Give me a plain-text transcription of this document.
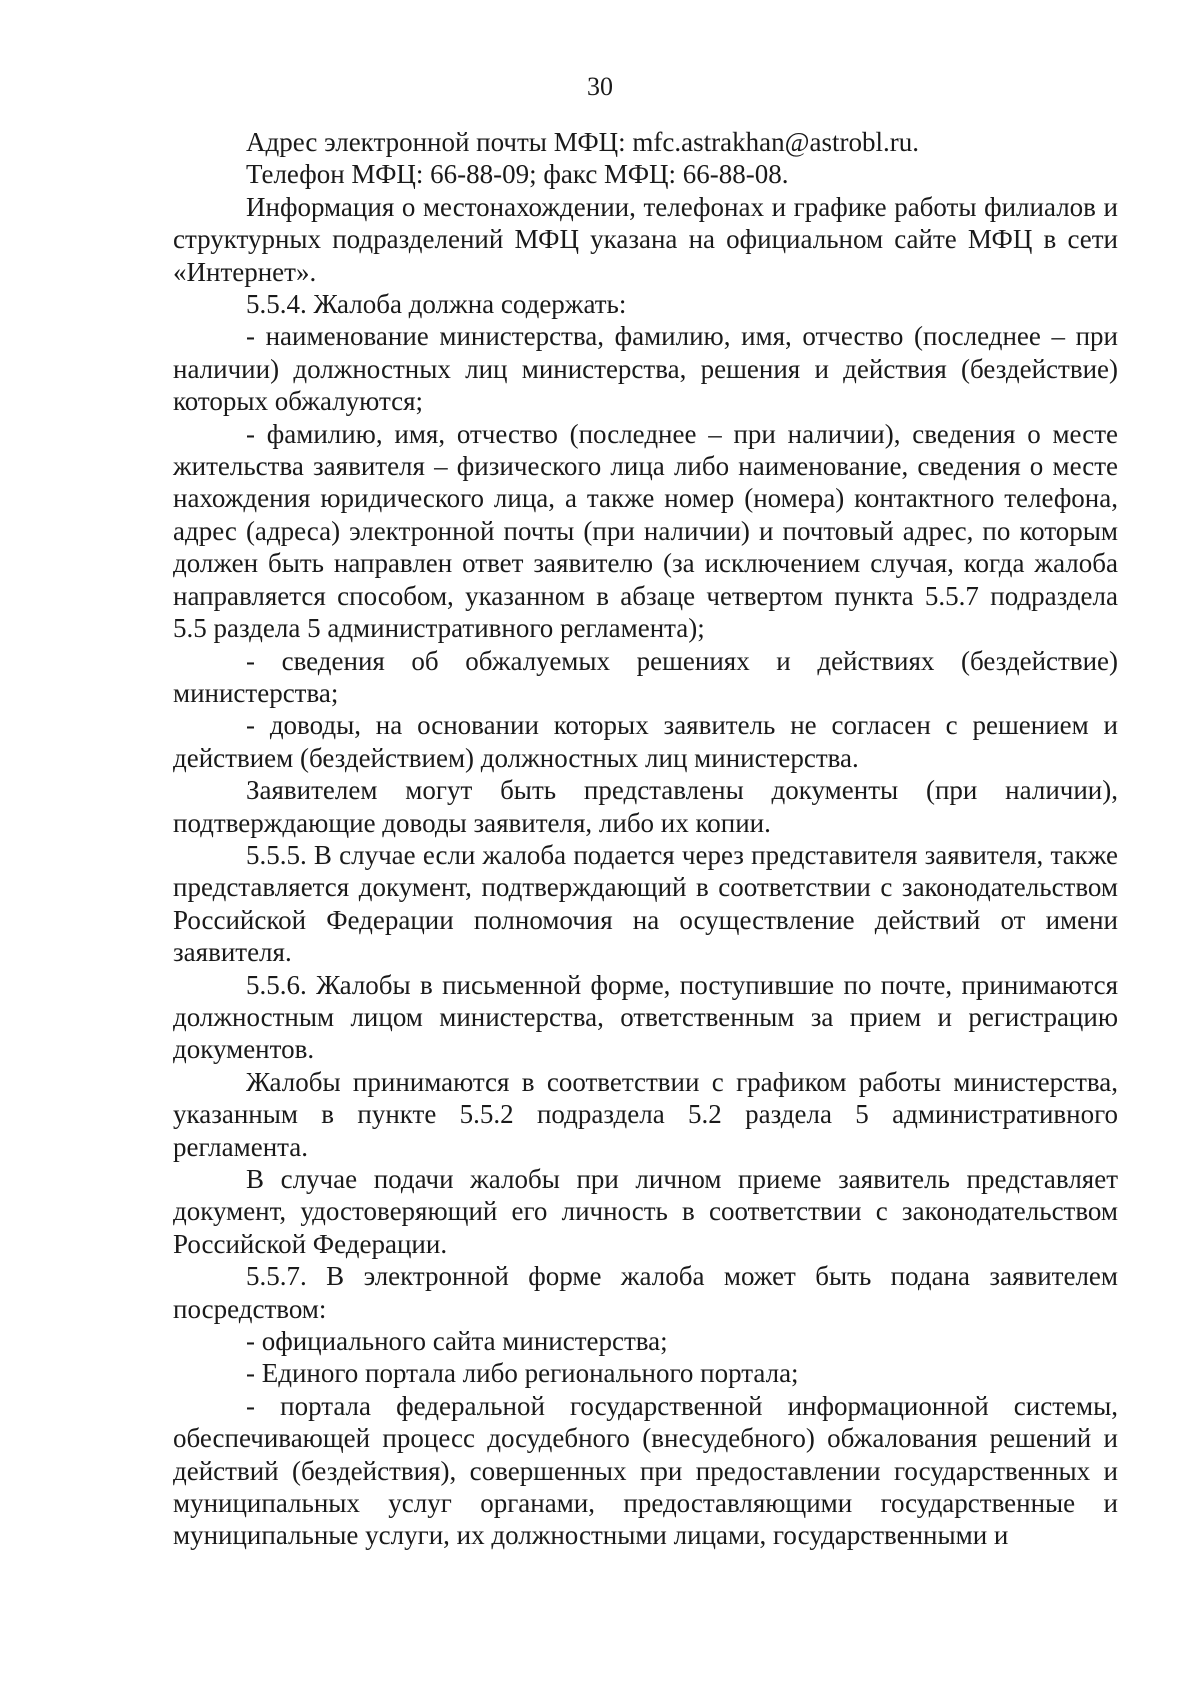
30

Адрес электронной почты МФЦ: mfc.astrakhan@astrobl.ru.

Телефон МФЦ: 66-88-09; факс МФЦ: 66-88-08.

Информация о местонахождении, телефонах и графике работы филиалов и структурных подразделений МФЦ указана на официальном сайте МФЦ в сети «Интернет».

5.5.4. Жалоба должна содержать:

- наименование министерства, фамилию, имя, отчество (последнее – при наличии) должностных лиц министерства, решения и действия (бездействие) которых обжалуются;

- фамилию, имя, отчество (последнее – при наличии), сведения о месте жительства заявителя – физического лица либо наименование, сведения о месте нахождения юридического лица, а также номер (номера) контактного телефона, адрес (адреса) электронной почты (при наличии) и почтовый адрес, по которым должен быть направлен ответ заявителю (за исключением случая, когда жалоба направляется способом, указанном в абзаце четвертом пункта 5.5.7 подраздела 5.5 раздела 5 административного регламента);

- сведения об обжалуемых решениях и действиях (бездействие) министерства;

- доводы, на основании которых заявитель не согласен с решением и действием (бездействием) должностных лиц министерства.

Заявителем могут быть представлены документы (при наличии), подтверждающие доводы заявителя, либо их копии.

5.5.5. В случае если жалоба подается через представителя заявителя, также представляется документ, подтверждающий в соответствии с законодательством Российской Федерации полномочия на осуществление действий от имени заявителя.

5.5.6. Жалобы в письменной форме, поступившие по почте, принимаются должностным лицом министерства, ответственным за прием и регистрацию документов.

Жалобы принимаются в соответствии с графиком работы министерства, указанным в пункте 5.5.2 подраздела 5.2 раздела 5 административного регламента.

В случае подачи жалобы при личном приеме заявитель представляет документ, удостоверяющий его личность в соответствии с законодательством Российской Федерации.

5.5.7. В электронной форме жалоба может быть подана заявителем посредством:

- официального сайта министерства;

- Единого портала либо регионального портала;

- портала федеральной государственной информационной системы, обеспечивающей процесс досудебного (внесудебного) обжалования решений и действий (бездействия), совершенных при предоставлении государственных и муниципальных услуг органами, предоставляющими государственные и муниципальные услуги, их должностными лицами, государственными и
